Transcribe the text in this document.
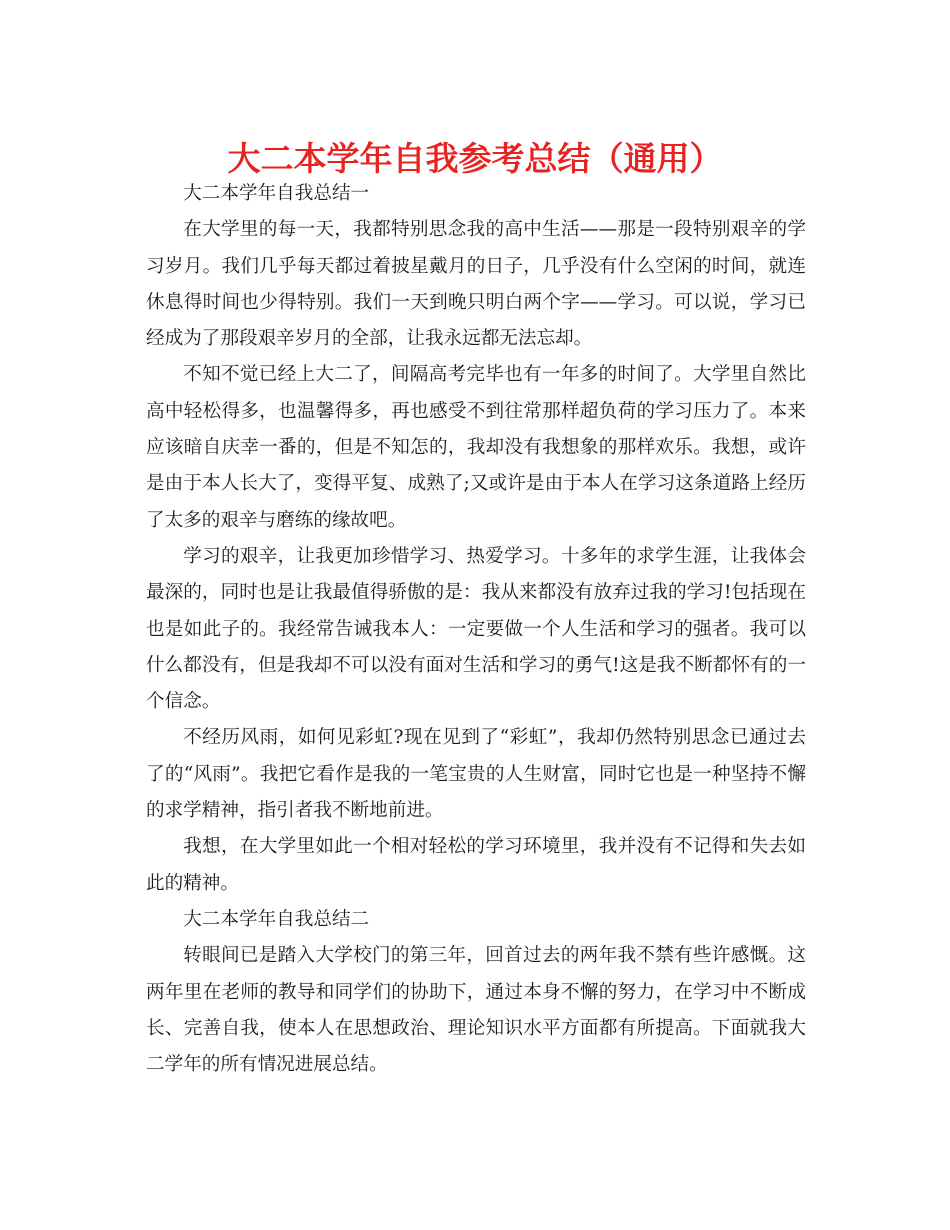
大二本学年自我参考总结（通用）

大二本学年自我总结一

在大学里的每一天，我都特别思念我的高中生活——那是一段特别艰辛的学习岁月。我们几乎每天都过着披星戴月的日子，几乎没有什么空闲的时间，就连休息得时间也少得特别。我们一天到晚只明白两个字——学习。可以说，学习已经成为了那段艰辛岁月的全部，让我永远都无法忘却。

不知不觉已经上大二了，间隔高考完毕也有一年多的时间了。大学里自然比高中轻松得多，也温馨得多，再也感受不到往常那样超负荷的学习压力了。本来应该暗自庆幸一番的，但是不知怎的，我却没有我想象的那样欢乐。我想，或许是由于本人长大了，变得平复、成熟了;又或许是由于本人在学习这条道路上经历了太多的艰辛与磨练的缘故吧。

学习的艰辛，让我更加珍惜学习、热爱学习。十多年的求学生涯，让我体会最深的，同时也是让我最值得骄傲的是：我从来都没有放弃过我的学习!包括现在也是如此子的。我经常告诫我本人：一定要做一个人生活和学习的强者。我可以什么都没有，但是我却不可以没有面对生活和学习的勇气!这是我不断都怀有的一个信念。

不经历风雨，如何见彩虹?现在见到了“彩虹”，我却仍然特别思念已通过去了的“风雨”。我把它看作是我的一笔宝贵的人生财富，同时它也是一种坚持不懈的求学精神，指引者我不断地前进。

我想，在大学里如此一个相对轻松的学习环境里，我并没有不记得和失去如此的精神。

大二本学年自我总结二

转眼间已是踏入大学校门的第三年，回首过去的两年我不禁有些许感慨。这两年里在老师的教导和同学们的协助下，通过本身不懈的努力，在学习中不断成长、完善自我，使本人在思想政治、理论知识水平方面都有所提高。下面就我大二学年的所有情况进展总结。
